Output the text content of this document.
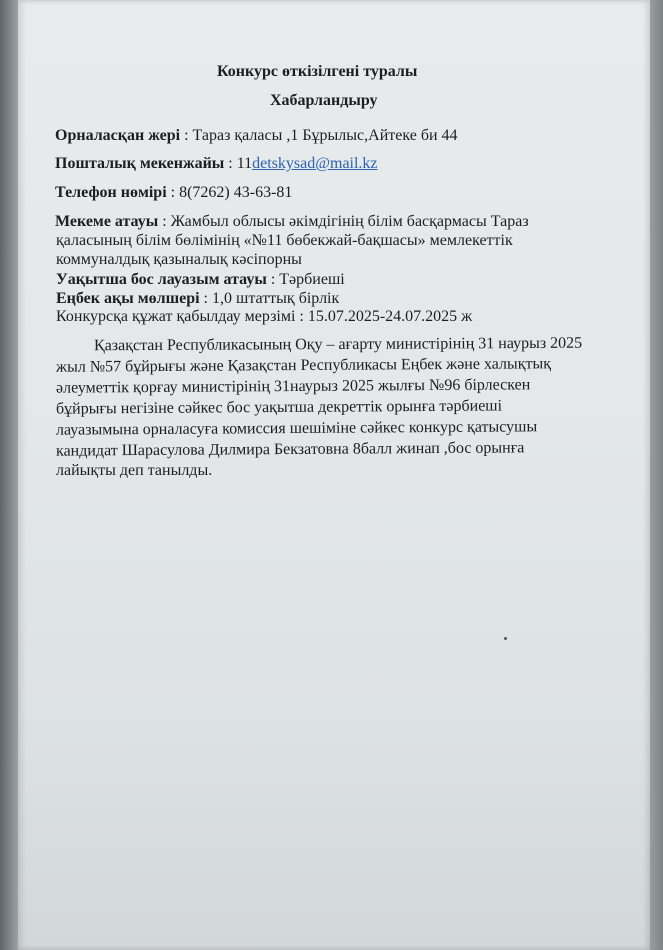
Конкурс өткізілгені туралы

Хабарландыру

Орналасқан жері : Тараз қаласы ,1 Бұрылыс,Айтеке би 44

Пошталық мекенжайы : 11detskysad@mail.kz

Телефон нөмірі : 8(7262) 43-63-81

Мекеме атауы : Жамбыл облысы әкімдігінің білім басқармасы Тараз

қаласының білім бөлімінің «№11 бөбекжай-бақшасы» мемлекеттік

коммуналдық қазыналық кәсіпорны

Уақытша бос лауазым атауы : Тәрбиеші

Еңбек ақы мөлшері : 1,0 штаттық бірлік

Конкурсқа құжат қабылдау мерзімі : 15.07.2025-24.07.2025 ж

Қазақстан Республикасының Оқу – ағарту министірінің 31 наурыз 2025

жыл №57 бұйрығы және Қазақстан Республикасы Еңбек және халықтық

әлеуметтік қорғау министірінің 31наурыз 2025 жылғы №96 бірлескен

бұйрығы негізіне сәйкес бос уақытша декреттік орынға тәрбиеші

лауазымына орналасуға комиссия шешіміне сәйкес конкурс қатысушы

кандидат Шарасулова Дилмира Бекзатовна 8балл жинап ,бос орынға

лайықты деп танылды.
